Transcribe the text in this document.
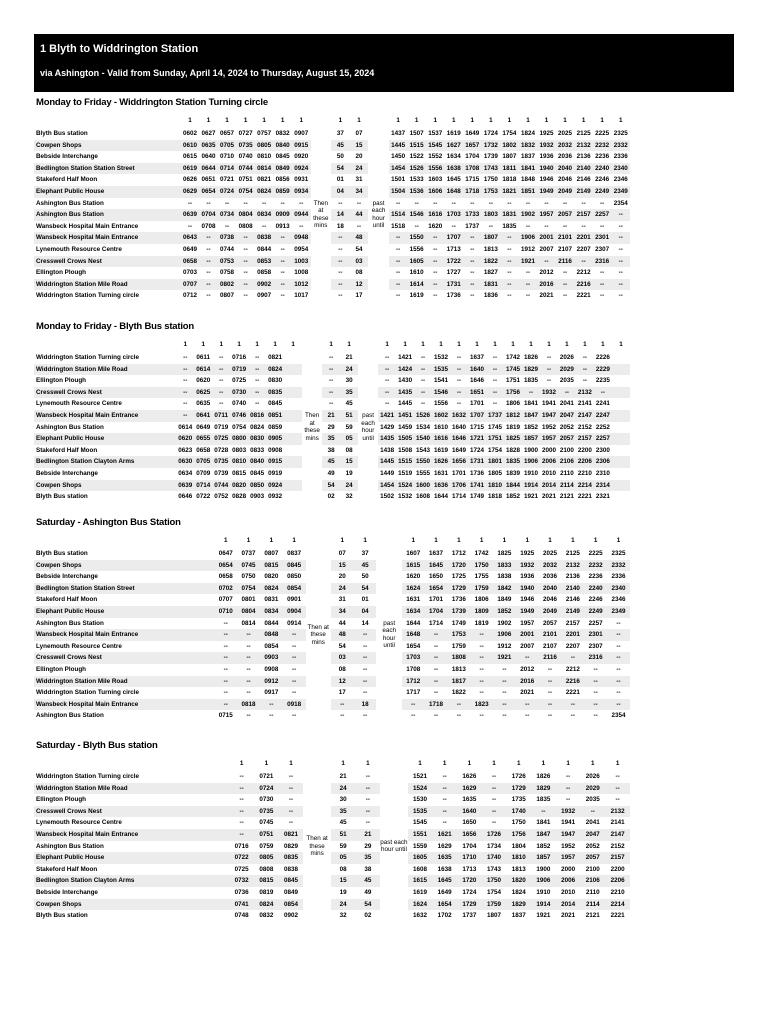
1 Blyth to Widdrington Station
via Ashington - Valid from Sunday, April 14, 2024 to Thursday, August 15, 2024
Monday to Friday - Widdrington Station Turning circle
	1	1	1	1	1	1	1		1	1		1	1	1	1	1	1	1	1	1	1	1	1	1
Blyth Bus station	0602	0627	0657	0727	0757	0832	0907	Then at these mins	37	07	past each hour until	1437	1507	1537	1619	1649	1724	1754	1824	1925	2025	2125	2225	2325
Cowpen Shops	0610	0635	0705	0735	0805	0840	0915		45	15		1445	1515	1545	1627	1657	1732	1802	1832	1932	2032	2132	2232	2332
Bebside Interchange	0615	0640	0710	0740	0810	0845	0920		50	20		1450	1522	1552	1634	1704	1739	1807	1837	1936	2036	2136	2236	2336
Bedlington Station Station Street	0619	0644	0714	0744	0814	0849	0924		54	24		1454	1526	1556	1638	1708	1743	1811	1841	1940	2040	2140	2240	2340
Stakeford Half Moon	0626	0651	0721	0751	0821	0856	0931		01	31		1501	1533	1603	1645	1715	1750	1818	1848	1946	2046	2146	2246	2346
Elephant Public House	0629	0654	0724	0754	0824	0859	0934		04	34		1504	1536	1606	1648	1718	1753	1821	1851	1949	2049	2149	2249	2349
Ashington Bus Station	--	--	--	--	--	--	--		--	--		--	--	--	--	--	--	--	--	--	--	--	--	2354
Ashington Bus Station	0639	0704	0734	0804	0834	0909	0944		14	44		1514	1546	1616	1703	1733	1803	1831	1902	1957	2057	2157	2257	--
Wansbeck Hospital Main Entrance	--	0708	--	0808	--	0913	--		18	--		1518	--	1620	--	1737	--	1835	--	--	--	--	--	--
Wansbeck Hospital Main Entrance	0643	--	0738	--	0838	--	0948		--	48		--	1550	--	1707	--	1807	--	1906	2001	2101	2201	2301	--
Lynemouth Resource Centre	0649	--	0744	--	0844	--	0954		--	54		--	1556	--	1713	--	1813	--	1912	2007	2107	2207	2307	--
Cresswell Crows Nest	0658	--	0753	--	0853	--	1003		--	03		--	1605	--	1722	--	1822	--	1921	--	2116	--	2316	--
Ellington Plough	0703	--	0758	--	0858	--	1008		--	08		--	1610	--	1727	--	1827	--	--	2012	--	2212	--	--
Widdrington Station Mile Road	0707	--	0802	--	0902	--	1012		--	12		--	1614	--	1731	--	1831	--	--	2016	--	2216	--	--
Widdrington Station Turning circle	0712	--	0807	--	0907	--	1017		--	17		--	1619	--	1736	--	1836	--	--	2021	--	2221	--	--
Monday to Friday - Blyth Bus station
	1	1	1	1	1	1	1		1	1		1	1	1	1	1	1	1	1	1	1	1	1	1	1
Widdrington Station Turning circle	--	0611	--	0716	--	0821		Then at these mins	--	21	past each hour until	--	1421	--	1532	--	1637	--	1742	1826	--	2026	--	2226	
Widdrington Station Mile Road	--	0614	--	0719	--	0824			--	24		--	1424	--	1535	--	1640	--	1745	1829	--	2029	--	2229	
Ellington Plough	--	0620	--	0725	--	0830			--	30		--	1430	--	1541	--	1646	--	1751	1835	--	2035	--	2235	
Cresswell Crows Nest	--	0625	--	0730	--	0835			--	35		--	1435	--	1546	--	1651	--	1756	--	1932	--	2132	--	
Lynemouth Resource Centre	--	0635	--	0740	--	0845			--	45		--	1445	--	1556	--	1701	--	1806	1841	1941	2041	2141	2241	
Wansbeck Hospital Main Entrance	--	0641	0711	0746	0816	0851			21	51		1421	1451	1526	1602	1632	1707	1737	1812	1847	1947	2047	2147	2247	
Ashington Bus Station	0614	0649	0719	0754	0824	0859			29	59		1429	1459	1534	1610	1640	1715	1745	1819	1852	1952	2052	2152	2252	
Elephant Public House	0620	0655	0725	0800	0830	0905			35	05		1435	1505	1540	1616	1646	1721	1751	1825	1857	1957	2057	2157	2257	
Stakeford Half Moon	0623	0658	0728	0803	0833	0908			38	08		1438	1508	1543	1619	1649	1724	1754	1828	1900	2000	2100	2200	2300	
Bedlington Station Clayton Arms	0630	0705	0735	0810	0840	0915			45	15		1445	1515	1550	1626	1656	1731	1801	1835	1906	2006	2106	2206	2306	
Bebside Interchange	0634	0709	0739	0815	0845	0919			49	19		1449	1519	1555	1631	1701	1736	1805	1839	1910	2010	2110	2210	2310	
Cowpen Shops	0639	0714	0744	0820	0850	0924			54	24		1454	1524	1600	1636	1706	1741	1810	1844	1914	2014	2114	2214	2314	
Blyth Bus station	0646	0722	0752	0828	0903	0932			02	32		1502	1532	1608	1644	1714	1749	1818	1852	1921	2021	2121	2221	2321	
Saturday - Ashington Bus Station
	1	1	1	1		1	1		1	1	1	1	1	1	1	1	1	1
Blyth Bus station	0647	0737	0807	0837	Then at these mins	07	37	past each hour until	1607	1637	1712	1742	1825	1925	2025	2125	2225	2325
Cowpen Shops	0654	0745	0815	0845		15	45		1615	1645	1720	1750	1833	1932	2032	2132	2232	2332
Bebside Interchange	0658	0750	0820	0850		20	50		1620	1650	1725	1755	1838	1936	2036	2136	2236	2336
Bedlington Station Station Street	0702	0754	0824	0854		24	54		1624	1654	1729	1759	1842	1940	2040	2140	2240	2340
Stakeford Half Moon	0707	0801	0831	0901		31	01		1631	1701	1736	1806	1849	1946	2046	2146	2246	2346
Elephant Public House	0710	0804	0834	0904		34	04		1634	1704	1739	1809	1852	1949	2049	2149	2249	2349
Ashington Bus Station	--	0814	0844	0914		44	14		1644	1714	1749	1819	1902	1957	2057	2157	2257	--
Wansbeck Hospital Main Entrance	--	--	0848	--		48	--		1648	--	1753	--	1906	2001	2101	2201	2301	--
Lynemouth Resource Centre	--	--	0854	--		54	--		1654	--	1759	--	1912	2007	2107	2207	2307	--
Cresswell Crows Nest	--	--	0903	--		03	--		1703	--	1808	--	1921	--	2116	--	2316	--
Ellington Plough	--	--	0908	--		08	--		1708	--	1813	--	--	2012	--	2212	--	--
Widdrington Station Mile Road	--	--	0912	--		12	--		1712	--	1817	--	--	2016	--	2216	--	--
Widdrington Station Turning circle	--	--	0917	--		17	--		1717	--	1822	--	--	2021	--	2221	--	--
Wansbeck Hospital Main Entrance	--	0818	--	0918		--	18		--	1718	--	1823	--	--	--	--	--	--
Ashington Bus Station	0715	--	--	--		--	--		--	--	--	--	--	--	--	--	--	2354
Saturday - Blyth Bus station
	1	1	1		1	1		1	1	1	1	1	1	1	1	1
Widdrington Station Turning circle	--	0721	--	Then at these mins	21	--	past each hour until	1521	--	1626	--	1726	1826	--	2026	--
Widdrington Station Mile Road	--	0724	--		24	--		1524	--	1629	--	1729	1829	--	2029	--
Ellington Plough	--	0730	--		30	--		1530	--	1635	--	1735	1835	--	2035	--
Cresswell Crows Nest	--	0735	--		35	--		1535	--	1640	--	1740	--	1932	--	2132
Lynemouth Resource Centre	--	0745	--		45	--		1545	--	1650	--	1750	1841	1941	2041	2141
Wansbeck Hospital Main Entrance	--	0751	0821		51	21		1551	1621	1656	1726	1756	1847	1947	2047	2147
Ashington Bus Station	0716	0759	0829		59	29		1559	1629	1704	1734	1804	1852	1952	2052	2152
Elephant Public House	0722	0805	0835		05	35		1605	1635	1710	1740	1810	1857	1957	2057	2157
Stakeford Half Moon	0725	0808	0838		08	38		1608	1638	1713	1743	1813	1900	2000	2100	2200
Bedlington Station Clayton Arms	0732	0815	0845		15	45		1615	1645	1720	1750	1820	1906	2006	2106	2206
Bebside Interchange	0736	0819	0849		19	49		1619	1649	1724	1754	1824	1910	2010	2110	2210
Cowpen Shops	0741	0824	0854		24	54		1624	1654	1729	1759	1829	1914	2014	2114	2214
Blyth Bus station	0748	0832	0902		32	02		1632	1702	1737	1807	1837	1921	2021	2121	2221
